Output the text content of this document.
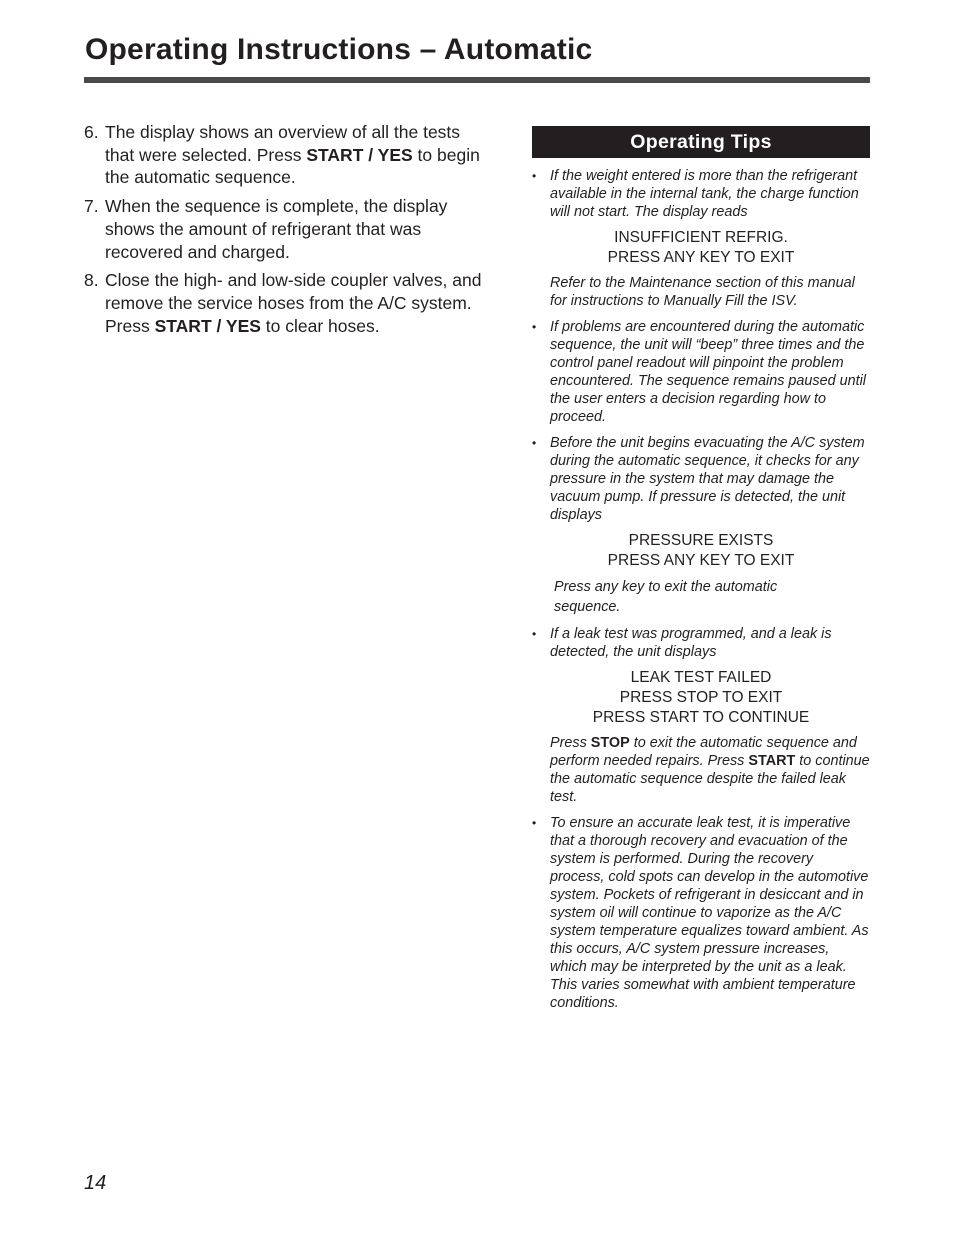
Operating Instructions – Automatic
6. The display shows an overview of all the tests that were selected. Press START / YES to begin the automatic sequence.
7. When the sequence is complete, the display shows the amount of refrigerant that was recovered and charged.
8. Close the high- and low-side coupler valves, and remove the service hoses from the A/C system. Press START / YES to clear hoses.
Operating Tips
• If the weight entered is more than the refrigerant available in the internal tank, the charge function will not start. The display reads
INSUFFICIENT REFRIG.
PRESS ANY KEY TO EXIT
Refer to the Maintenance section of this manual for instructions to Manually Fill the ISV.
• If problems are encountered during the automatic sequence, the unit will “beep” three times and the control panel readout will pinpoint the problem encountered. The sequence remains paused until the user enters a decision regarding how to proceed.
• Before the unit begins evacuating the A/C system during the automatic sequence, it checks for any pressure in the system that may damage the vacuum pump. If pressure is detected, the unit displays
PRESSURE EXISTS
PRESS ANY KEY TO EXIT
Press any key to exit the automatic sequence.
• If a leak test was programmed, and a leak is detected, the unit displays
LEAK TEST FAILED
PRESS STOP TO EXIT
PRESS START TO CONTINUE
Press STOP to exit the automatic sequence and perform needed repairs. Press START to continue the automatic sequence despite the failed leak test.
• To ensure an accurate leak test, it is imperative that a thorough recovery and evacuation of the system is performed. During the recovery process, cold spots can develop in the automotive system. Pockets of refrigerant in desiccant and in system oil will continue to vaporize as the A/C system temperature equalizes toward ambient. As this occurs, A/C system pressure increases, which may be interpreted by the unit as a leak. This varies somewhat with ambient temperature conditions.
14
